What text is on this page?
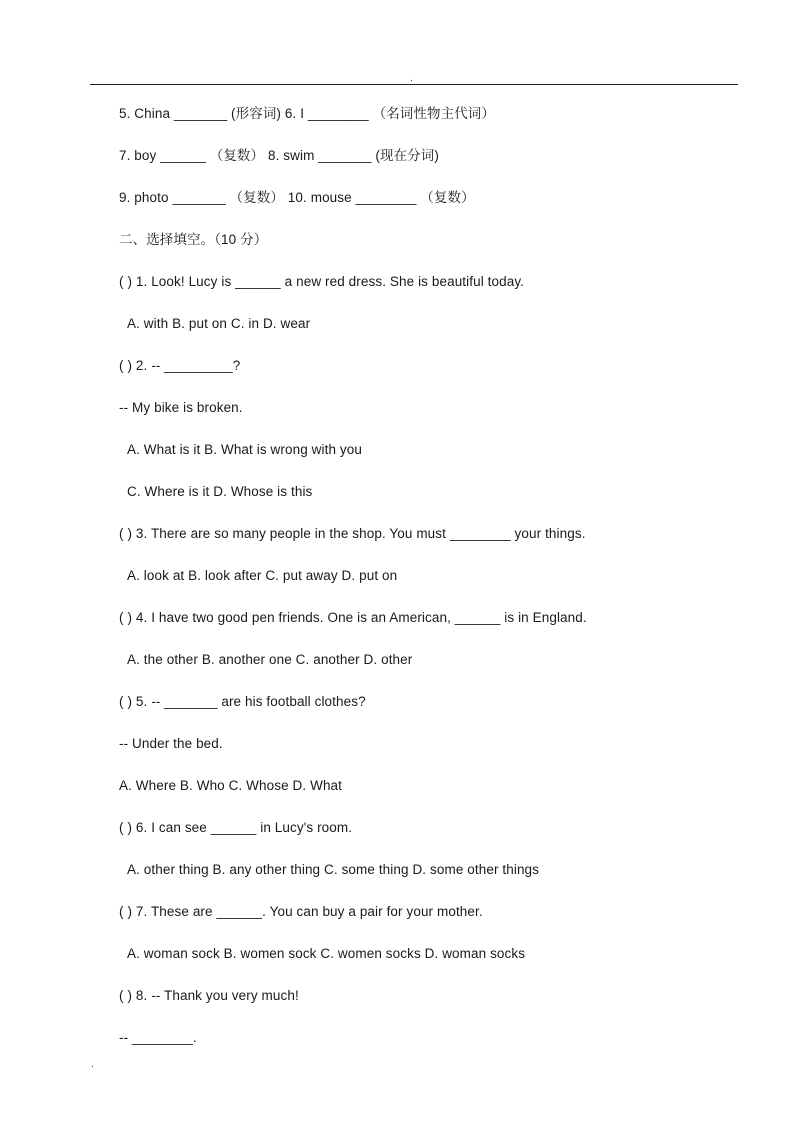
.
5. China _______ (形容词) 6. I ________ （名词性物主代词）
7. boy ______ （复数） 8. swim _______ (现在分词)
9. photo _______ （复数） 10. mouse ________ （复数）
二、选择填空。（10 分）
( ) 1. Look! Lucy is ______ a new red dress. She is beautiful today.
A. with B. put on C. in D. wear
( ) 2. -- _________?
-- My bike is broken.
A. What is it B. What is wrong with you
C. Where is it D. Whose is this
( ) 3. There are so many people in the shop. You must ________ your things.
A. look at B. look after C. put away D. put on
( ) 4. I have two good pen friends. One is an American, ______ is in England.
A. the other B. another one C. another D. other
( ) 5. -- _______ are his football clothes?
-- Under the bed.
A. Where B. Who C. Whose D. What
( ) 6. I can see ______ in Lucy's room.
A. other thing B. any other thing C. some thing D. some other things
( ) 7. These are ______. You can buy a pair for your mother.
A. woman sock B. women sock C. women socks D. woman socks
( ) 8. -- Thank you very much!
-- ________.
.
